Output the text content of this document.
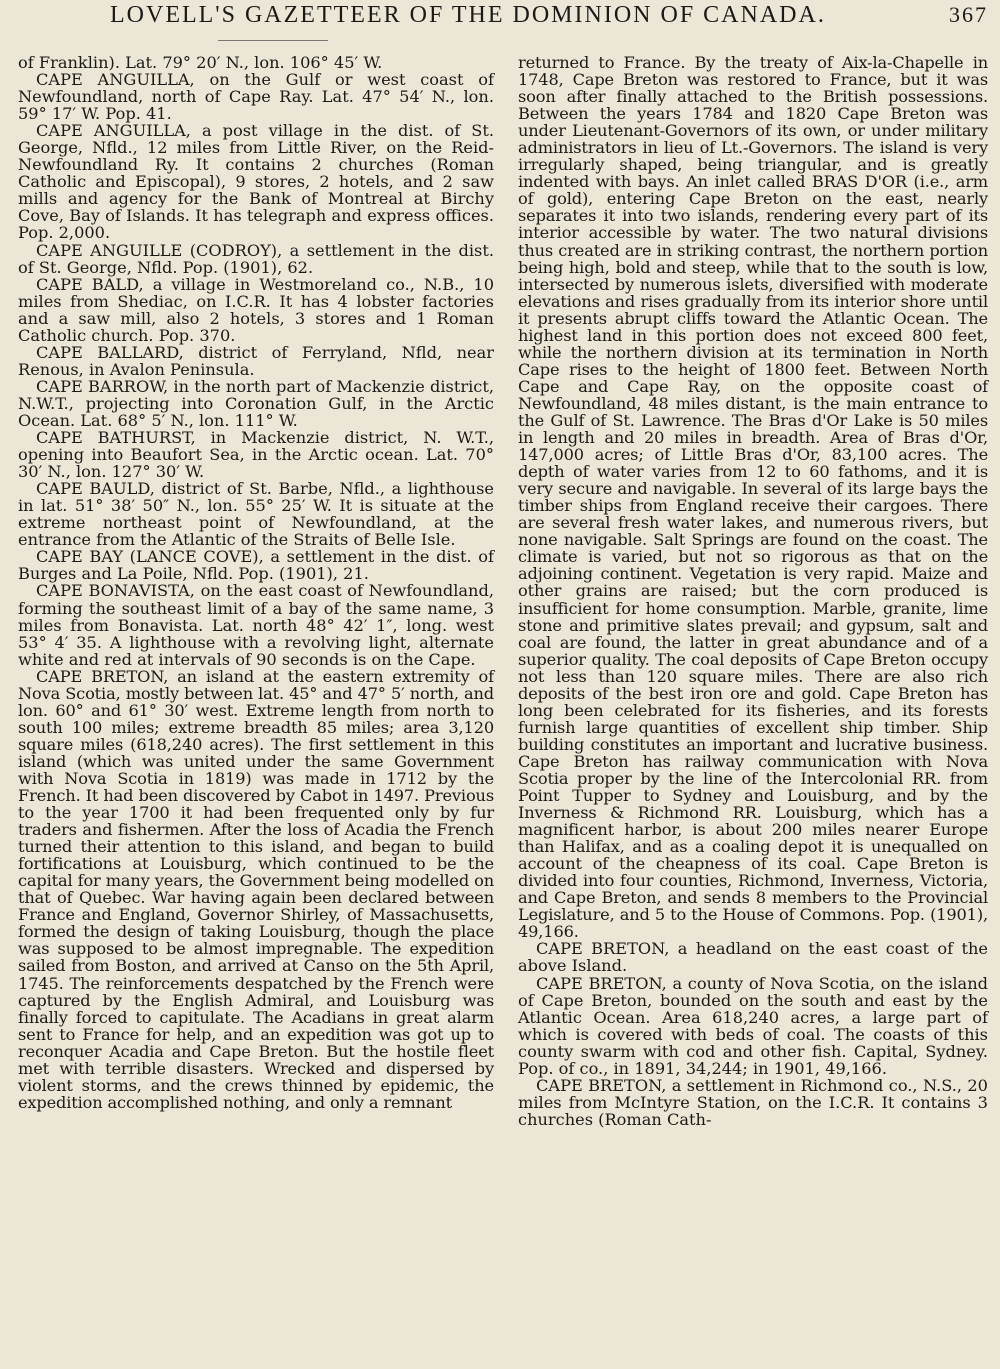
LOVELL'S GAZETTEER OF THE DOMINION OF CANADA.	367

of Franklin). Lat. 79° 20′ N., lon. 106° 45′ W.

CAPE ANGUILLA, on the Gulf or west coast of Newfoundland, north of Cape Ray. Lat. 47° 54′ N., lon. 59° 17′ W. Pop. 41.

CAPE ANGUILLA, a post village in the dist. of St. George, Nfld., 12 miles from Little River, on the Reid-Newfoundland Ry. It contains 2 churches (Roman Catholic and Episcopal), 9 stores, 2 hotels, and 2 saw mills and agency for the Bank of Montreal at Birchy Cove, Bay of Islands. It has telegraph and express offices. Pop. 2,000.

CAPE ANGUILLE (CODROY), a settlement in the dist. of St. George, Nfld. Pop. (1901), 62.

CAPE BALD, a village in Westmoreland co., N.B., 10 miles from Shediac, on I.C.R. It has 4 lobster factories and a saw mill, also 2 hotels, 3 stores and 1 Roman Catholic church. Pop. 370.

CAPE BALLARD, district of Ferryland, Nfld, near Renous, in Avalon Peninsula.

CAPE BARROW, in the north part of Mackenzie district, N.W.T., projecting into Coronation Gulf, in the Arctic Ocean. Lat. 68° 5′ N., lon. 111° W.

CAPE BATHURST, in Mackenzie district, N. W.T., opening into Beaufort Sea, in the Arctic ocean. Lat. 70° 30′ N., lon. 127° 30′ W.

CAPE BAULD, district of St. Barbe, Nfld., a lighthouse in lat. 51° 38′ 50″ N., lon. 55° 25′ W. It is situate at the extreme northeast point of Newfoundland, at the entrance from the Atlantic of the Straits of Belle Isle.

CAPE BAY (LANCE COVE), a settlement in the dist. of Burges and La Poile, Nfld. Pop. (1901), 21.

CAPE BONAVISTA, on the east coast of Newfoundland, forming the southeast limit of a bay of the same name, 3 miles from Bonavista. Lat. north 48° 42′ 1″, long. west 53° 4′ 35. A lighthouse with a revolving light, alternate white and red at intervals of 90 seconds is on the Cape.

CAPE BRETON, an island at the eastern extremity of Nova Scotia, mostly between lat. 45° and 47° 5′ north, and lon. 60° and 61° 30′ west. Extreme length from north to south 100 miles; extreme breadth 85 miles; area 3,120 square miles (618,240 acres). The first settlement in this island (which was united under the same Government with Nova Scotia in 1819) was made in 1712 by the French. It had been discovered by Cabot in 1497. Previous to the year 1700 it had been frequented only by fur traders and fishermen. After the loss of Acadia the French turned their attention to this island, and began to build fortifications at Louisburg, which continued to be the capital for many years, the Government being modelled on that of Quebec. War having again been declared between France and England, Governor Shirley, of Massachusetts, formed the design of taking Louisburg, though the place was supposed to be almost impregnable. The expedition sailed from Boston, and arrived at Canso on the 5th April, 1745. The reinforcements despatched by the French were captured by the English Admiral, and Louisburg was finally forced to capitulate. The Acadians in great alarm sent to France for help, and an expedition was got up to reconquer Acadia and Cape Breton. But the hostile fleet met with terrible disasters. Wrecked and dispersed by violent storms, and the crews thinned by epidemic, the expedition accomplished nothing, and only a remnant

returned to France. By the treaty of Aix-la-Chapelle in 1748, Cape Breton was restored to France, but it was soon after finally attached to the British possessions. Between the years 1784 and 1820 Cape Breton was under Lieutenant-Governors of its own, or under military administrators in lieu of Lt.-Governors. The island is very irregularly shaped, being triangular, and is greatly indented with bays. An inlet called BRAS D'OR (i.e., arm of gold), entering Cape Breton on the east, nearly separates it into two islands, rendering every part of its interior accessible by water. The two natural divisions thus created are in striking contrast, the northern portion being high, bold and steep, while that to the south is low, intersected by numerous islets, diversified with moderate elevations and rises gradually from its interior shore until it presents abrupt cliffs toward the Atlantic Ocean. The highest land in this portion does not exceed 800 feet, while the northern division at its termination in North Cape rises to the height of 1800 feet. Between North Cape and Cape Ray, on the opposite coast of Newfoundland, 48 miles distant, is the main entrance to the Gulf of St. Lawrence. The Bras d'Or Lake is 50 miles in length and 20 miles in breadth. Area of Bras d'Or, 147,000 acres; of Little Bras d'Or, 83,100 acres. The depth of water varies from 12 to 60 fathoms, and it is very secure and navigable. In several of its large bays the timber ships from England receive their cargoes. There are several fresh water lakes, and numerous rivers, but none navigable. Salt Springs are found on the coast. The climate is varied, but not so rigorous as that on the adjoining continent. Vegetation is very rapid. Maize and other grains are raised; but the corn produced is insufficient for home consumption. Marble, granite, lime stone and primitive slates prevail; and gypsum, salt and coal are found, the latter in great abundance and of a superior quality. The coal deposits of Cape Breton occupy not less than 120 square miles. There are also rich deposits of the best iron ore and gold. Cape Breton has long been celebrated for its fisheries, and its forests furnish large quantities of excellent ship timber. Ship building constitutes an important and lucrative business. Cape Breton has railway communication with Nova Scotia proper by the line of the Intercolonial RR. from Point Tupper to Sydney and Louisburg, and by the Inverness & Richmond RR. Louisburg, which has a magnificent harbor, is about 200 miles nearer Europe than Halifax, and as a coaling depot it is unequalled on account of the cheapness of its coal. Cape Breton is divided into four counties, Richmond, Inverness, Victoria, and Cape Breton, and sends 8 members to the Provincial Legislature, and 5 to the House of Commons. Pop. (1901), 49,166.

CAPE BRETON, a headland on the east coast of the above Island.

CAPE BRETON, a county of Nova Scotia, on the island of Cape Breton, bounded on the south and east by the Atlantic Ocean. Area 618,240 acres, a large part of which is covered with beds of coal. The coasts of this county swarm with cod and other fish. Capital, Sydney. Pop. of co., in 1891, 34,244; in 1901, 49,166.

CAPE BRETON, a settlement in Richmond co., N.S., 20 miles from McIntyre Station, on the I.C.R. It contains 3 churches (Roman Cath-
